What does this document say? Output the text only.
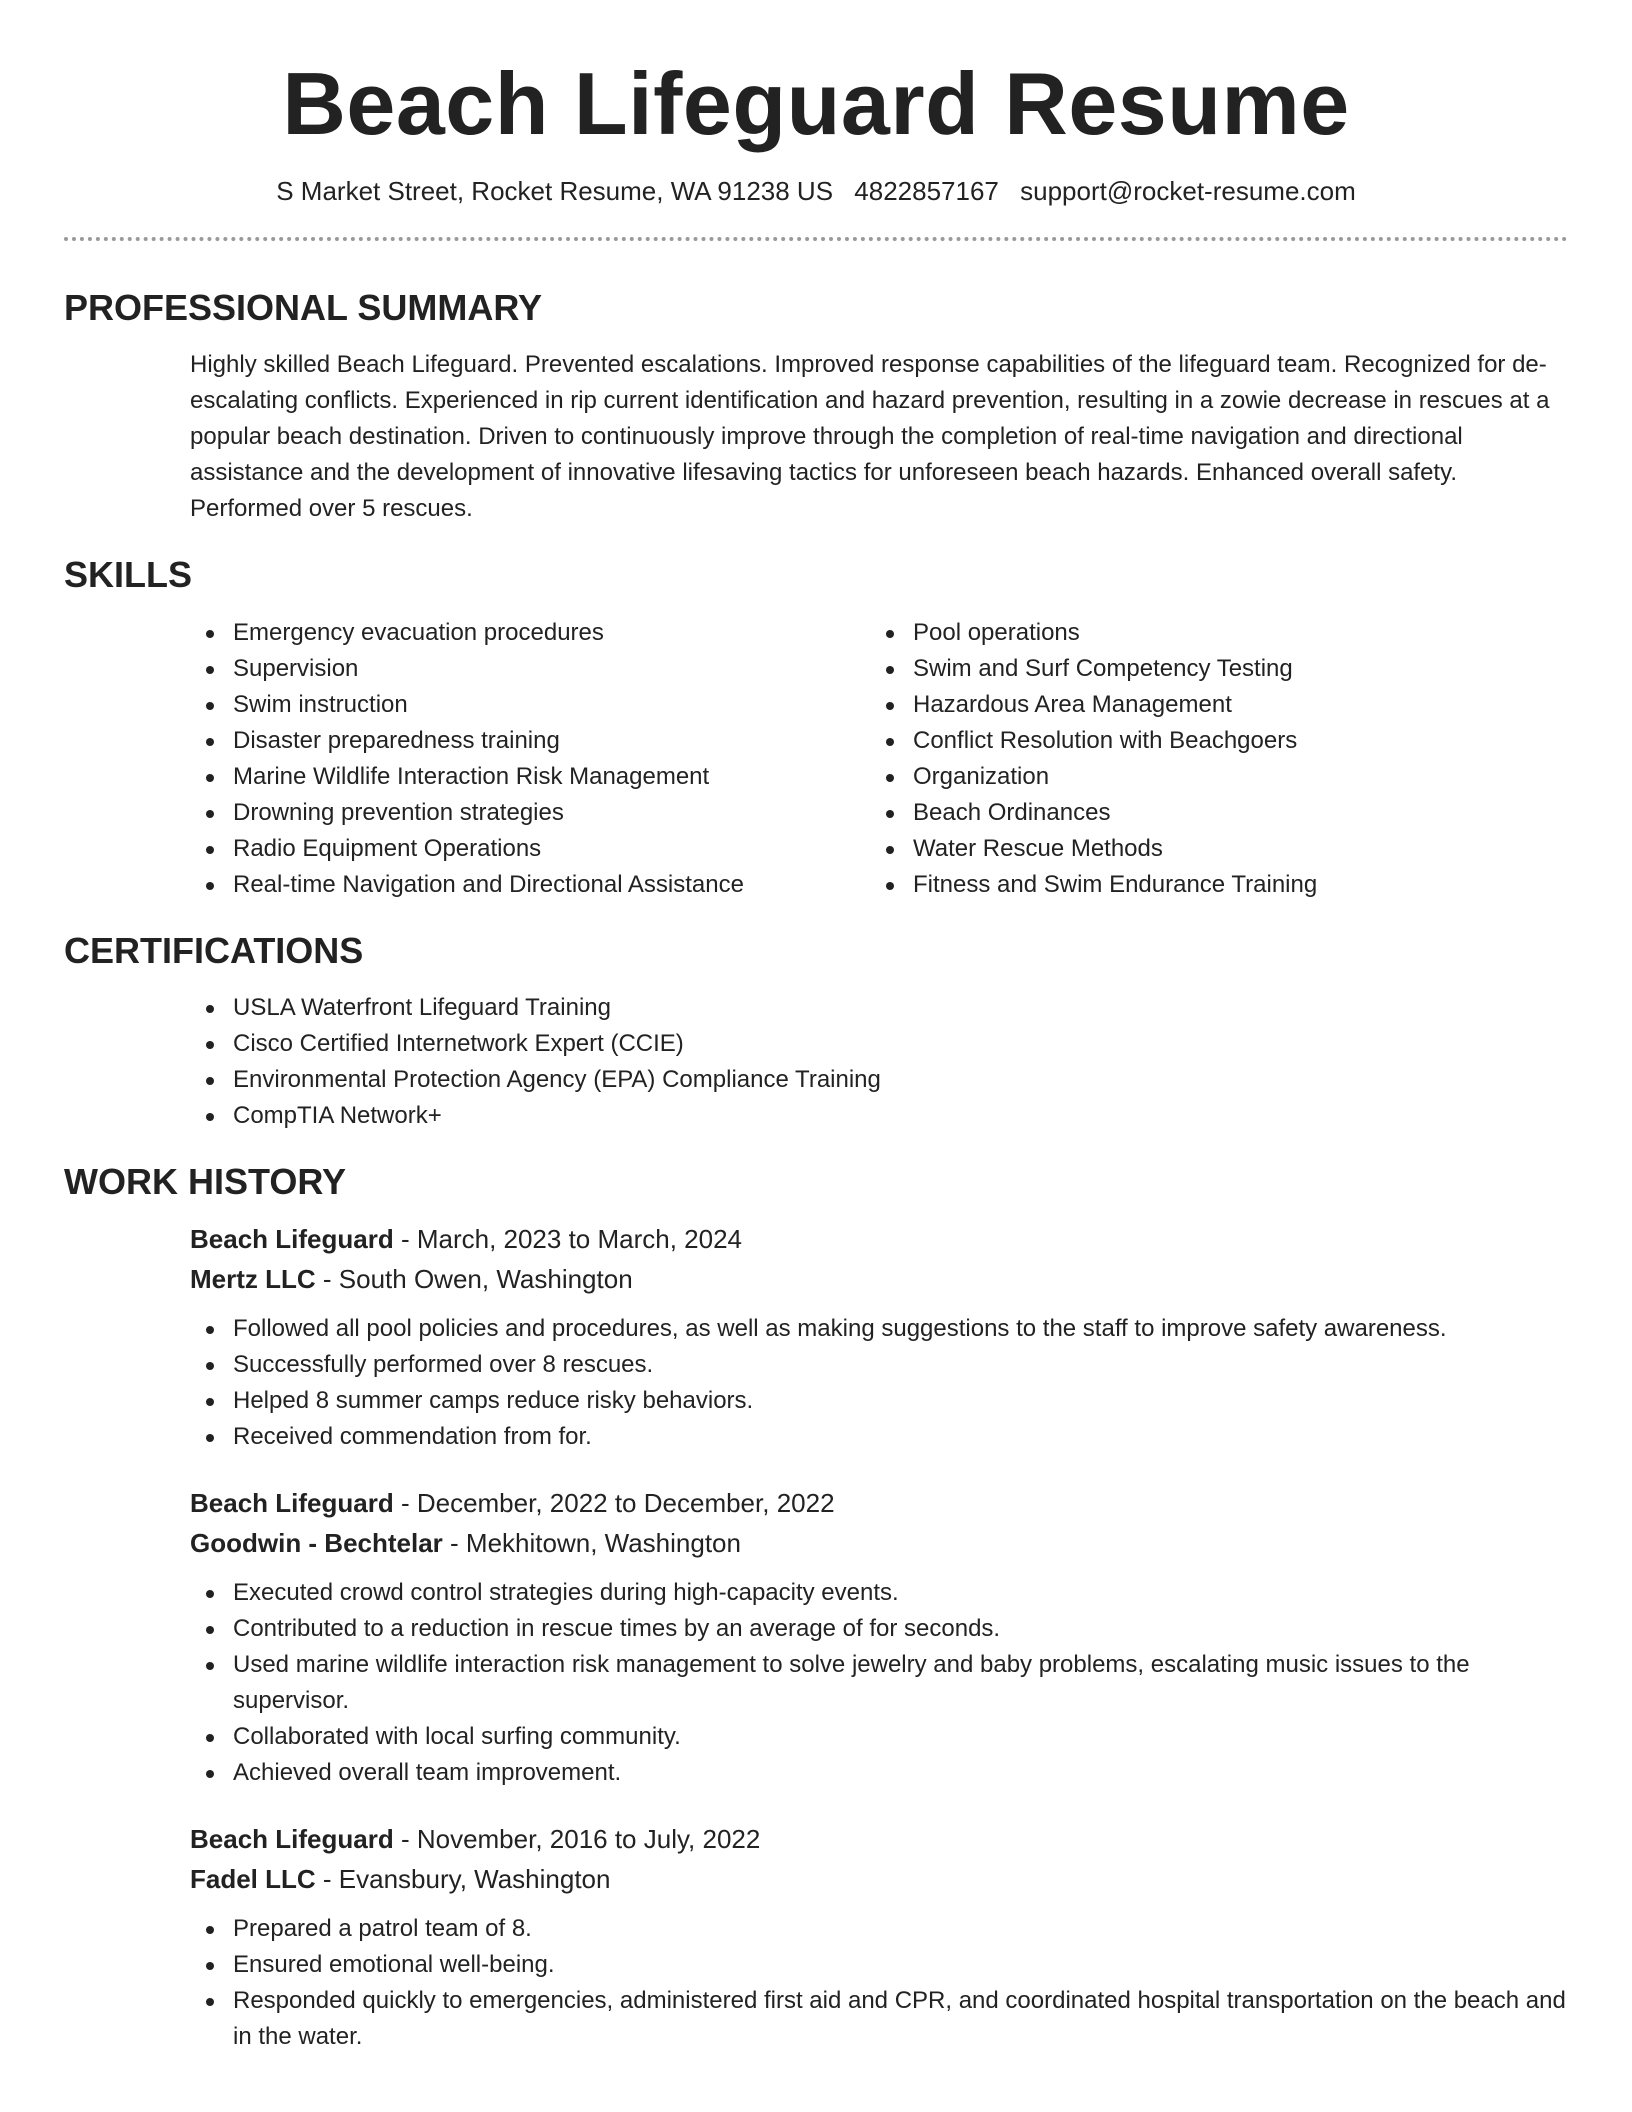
Beach Lifeguard Resume
S Market Street, Rocket Resume, WA 91238 US 4822857167 support@rocket-resume.com
PROFESSIONAL SUMMARY

Highly skilled Beach Lifeguard. Prevented escalations. Improved response capabilities of the lifeguard team. Recognized for de-escalating conflicts. Experienced in rip current identification and hazard prevention, resulting in a zowie decrease in rescues at a popular beach destination. Driven to continuously improve through the completion of real-time navigation and directional assistance and the development of innovative lifesaving tactics for unforeseen beach hazards. Enhanced overall safety. Performed over 5 rescues.

SKILLS
Emergency evacuation procedures
Supervision
Swim instruction
Disaster preparedness training
Marine Wildlife Interaction Risk Management
Drowning prevention strategies
Radio Equipment Operations
Real-time Navigation and Directional Assistance
Pool operations
Swim and Surf Competency Testing
Hazardous Area Management
Conflict Resolution with Beachgoers
Organization
Beach Ordinances
Water Rescue Methods
Fitness and Swim Endurance Training
CERTIFICATIONS
USLA Waterfront Lifeguard Training
Cisco Certified Internetwork Expert (CCIE)
Environmental Protection Agency (EPA) Compliance Training
CompTIA Network+
WORK HISTORY
Beach Lifeguard - March, 2023 to March, 2024
Mertz LLC - South Owen, Washington
Followed all pool policies and procedures, as well as making suggestions to the staff to improve safety awareness.
Successfully performed over 8 rescues.
Helped 8 summer camps reduce risky behaviors.
Received commendation from for.
Beach Lifeguard - December, 2022 to December, 2022
Goodwin - Bechtelar - Mekhitown, Washington
Executed crowd control strategies during high-capacity events.
Contributed to a reduction in rescue times by an average of for seconds.
Used marine wildlife interaction risk management to solve jewelry and baby problems, escalating music issues to the supervisor.
Collaborated with local surfing community.
Achieved overall team improvement.
Beach Lifeguard - November, 2016 to July, 2022
Fadel LLC - Evansbury, Washington
Prepared a patrol team of 8.
Ensured emotional well-being.
Responded quickly to emergencies, administered first aid and CPR, and coordinated hospital transportation on the beach and in the water.
